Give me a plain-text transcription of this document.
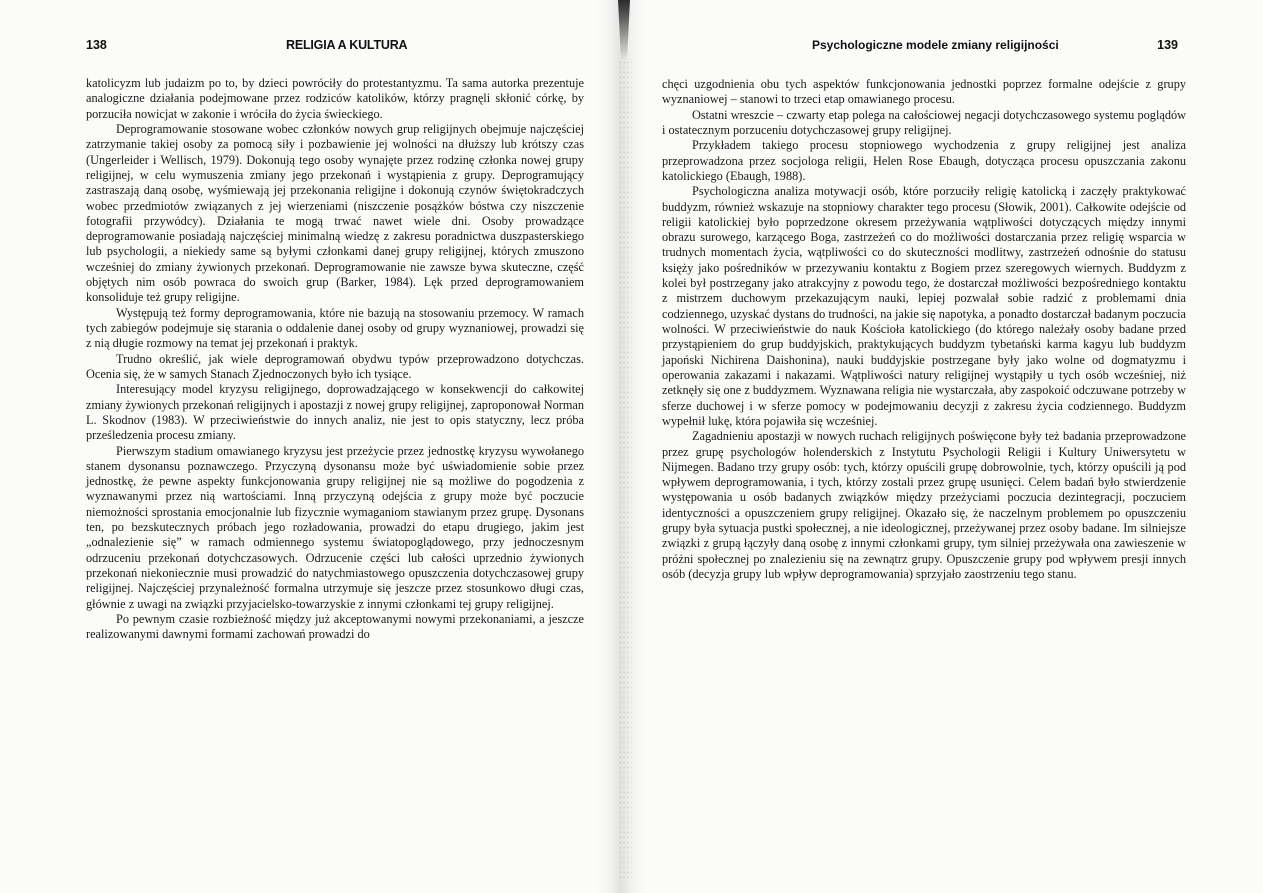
138	RELIGIA A KULTURA

katolicyzm lub judaizm po to, by dzieci powróciły do protestantyzmu. Ta sama autorka prezentuje analogiczne działania podejmowane przez rodziców katolików, którzy pragnęli skłonić córkę, by porzuciła nowicjat w zakonie i wróciła do życia świeckiego.

Deprogramowanie stosowane wobec członków nowych grup religijnych obejmuje najczęściej zatrzymanie takiej osoby za pomocą siły i pozbawienie jej wolności na dłuższy lub krótszy czas (Ungerleider i Wellisch, 1979). Dokonują tego osoby wynajęte przez rodzinę członka nowej grupy religijnej, w celu wymuszenia zmiany jego przekonań i wystąpienia z grupy. Deprogramujący zastraszają daną osobę, wyśmiewają jej przekonania religijne i dokonują czynów świętokradczych wobec przedmiotów związanych z jej wierzeniami (niszczenie posążków bóstwa czy niszczenie fotografii przywódcy). Działania te mogą trwać nawet wiele dni. Osoby prowadzące deprogramowanie posiadają najczęściej minimalną wiedzę z zakresu poradnictwa duszpasterskiego lub psychologii, a niekiedy same są byłymi członkami danej grupy religijnej, których zmuszono wcześniej do zmiany żywionych przekonań. Deprogramowanie nie zawsze bywa skuteczne, część objętych nim osób powraca do swoich grup (Barker, 1984). Lęk przed deprogramowaniem konsoliduje też grupy religijne.

Występują też formy deprogramowania, które nie bazują na stosowaniu przemocy. W ramach tych zabiegów podejmuje się starania o oddalenie danej osoby od grupy wyznaniowej, prowadzi się z nią długie rozmowy na temat jej przekonań i praktyk.

Trudno określić, jak wiele deprogramowań obydwu typów przeprowadzono dotychczas. Ocenia się, że w samych Stanach Zjednoczonych było ich tysiące.

Interesujący model kryzysu religijnego, doprowadzającego w konsekwencji do całkowitej zmiany żywionych przekonań religijnych i apostazji z nowej grupy religijnej, zaproponował Norman L. Skodnov (1983). W przeciwieństwie do innych analiz, nie jest to opis statyczny, lecz próba prześledzenia procesu zmiany.

Pierwszym stadium omawianego kryzysu jest przeżycie przez jednostkę kryzysu wywołanego stanem dysonansu poznawczego. Przyczyną dysonansu może być uświadomienie sobie przez jednostkę, że pewne aspekty funkcjonowania grupy religijnej nie są możliwe do pogodzenia z wyznawanymi przez nią wartościami. Inną przyczyną odejścia z grupy może być poczucie niemożności sprostania emocjonalnie lub fizycznie wymaganiom stawianym przez grupę. Dysonans ten, po bezskutecznych próbach jego rozładowania, prowadzi do etapu drugiego, jakim jest „odnalezienie się” w ramach odmiennego systemu światopoglądowego, przy jednoczesnym odrzuceniu przekonań dotychczasowych. Odrzucenie części lub całości uprzednio żywionych przekonań niekoniecznie musi prowadzić do natychmiastowego opuszczenia dotychczasowej grupy religijnej. Najczęściej przynależność formalna utrzymuje się jeszcze przez stosunkowo długi czas, głównie z uwagi na związki przyjacielsko-towarzyskie z innymi członkami tej grupy religijnej.

Po pewnym czasie rozbieżność między już akceptowanymi nowymi przekonaniami, a jeszcze realizowanymi dawnymi formami zachowań prowadzi do

Psychologiczne modele zmiany religijności	139

chęci uzgodnienia obu tych aspektów funkcjonowania jednostki poprzez formalne odejście z grupy wyznaniowej – stanowi to trzeci etap omawianego procesu.

Ostatni wreszcie – czwarty etap polega na całościowej negacji dotychczasowego systemu poglądów i ostatecznym porzuceniu dotychczasowej grupy religijnej.

Przykładem takiego procesu stopniowego wychodzenia z grupy religijnej jest analiza przeprowadzona przez socjologa religii, Helen Rose Ebaugh, dotycząca procesu opuszczania zakonu katolickiego (Ebaugh, 1988).

Psychologiczna analiza motywacji osób, które porzuciły religię katolicką i zaczęły praktykować buddyzm, również wskazuje na stopniowy charakter tego procesu (Słowik, 2001). Całkowite odejście od religii katolickiej było poprzedzone okresem przeżywania wątpliwości dotyczących między innymi obrazu surowego, karzącego Boga, zastrzeżeń co do możliwości dostarczania przez religię wsparcia w trudnych momentach życia, wątpliwości co do skuteczności modlitwy, zastrzeżeń odnośnie do statusu księży jako pośredników w przezywaniu kontaktu z Bogiem przez szeregowych wiernych. Buddyzm z kolei był postrzegany jako atrakcyjny z powodu tego, że dostarczał możliwości bezpośredniego kontaktu z mistrzem duchowym przekazującym nauki, lepiej pozwalał sobie radzić z problemami dnia codziennego, uzyskać dystans do trudności, na jakie się napotyka, a ponadto dostarczał badanym poczucia wolności. W przeciwieństwie do nauk Kościoła katolickiego (do którego należały osoby badane przed przystąpieniem do grup buddyjskich, praktykujących buddyzm tybetański karma kagyu lub buddyzm japoński Nichirena Daishonina), nauki buddyjskie postrzegane były jako wolne od dogmatyzmu i operowania zakazami i nakazami. Wątpliwości natury religijnej wystąpiły u tych osób wcześniej, niż zetknęły się one z buddyzmem. Wyznawana religia nie wystarczała, aby zaspokoić odczuwane potrzeby w sferze duchowej i w sferze pomocy w podejmowaniu decyzji z zakresu życia codziennego. Buddyzm wypełnił lukę, która pojawiła się wcześniej.

Zagadnieniu apostazji w nowych ruchach religijnych poświęcone były też badania przeprowadzone przez grupę psychologów holenderskich z Instytutu Psychologii Religii i Kultury Uniwersytetu w Nijmegen. Badano trzy grupy osób: tych, którzy opuścili grupę dobrowolnie, tych, którzy opuścili ją pod wpływem deprogramowania, i tych, którzy zostali przez grupę usunięci. Celem badań było stwierdzenie występowania u osób badanych związków między przeżyciami poczucia dezintegracji, poczuciem identyczności a opuszczeniem grupy religijnej. Okazało się, że naczelnym problemem po opuszczeniu grupy była sytuacja pustki społecznej, a nie ideologicznej, przeżywanej przez osoby badane. Im silniejsze związki z grupą łączyły daną osobę z innymi członkami grupy, tym silniej przeżywała ona zawieszenie w próżni społecznej po znalezieniu się na zewnątrz grupy. Opuszczenie grupy pod wpływem presji innych osób (decyzja grupy lub wpływ deprogramowania) sprzyjało zaostrzeniu tego stanu.
